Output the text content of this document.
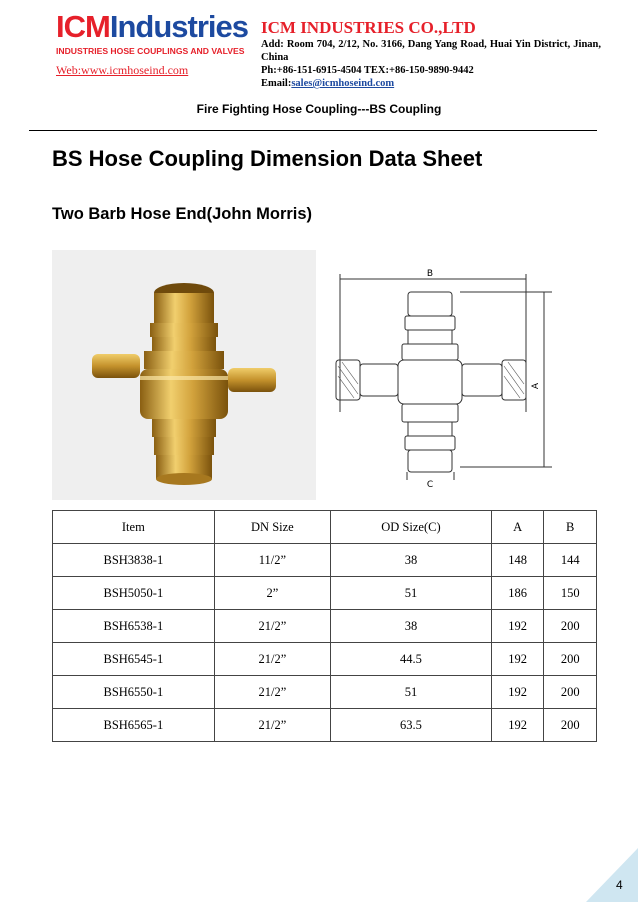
ICMIndustries
INDUSTRIES HOSE COUPLINGS AND VALVES
Web:www.icmhoseind.com
ICM INDUSTRIES CO.,LTD
Add: Room 704, 2/12, No. 3166, Dang Yang Road, Huai Yin District, Jinan, China
Ph:+86-151-6915-4504 TEX:+86-150-9890-9442
Email:sales@icmhoseind.com
Fire Fighting Hose Coupling---BS Coupling
BS Hose Coupling Dimension Data Sheet
Two Barb Hose End(John Morris)
B
A
C
Item	DN Size	OD Size(C)	A	B
BSH3838-1	11/2”	38	148	144
BSH5050-1	2”	51	186	150
BSH6538-1	21/2”	38	192	200
BSH6545-1	21/2”	44.5	192	200
BSH6550-1	21/2”	51	192	200
BSH6565-1	21/2”	63.5	192	200
4
